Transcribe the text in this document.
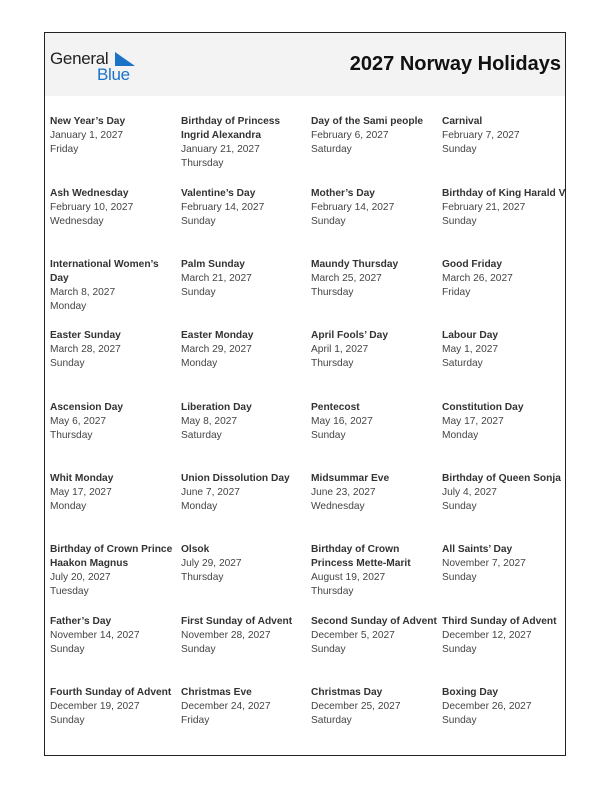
General
Blue	2027 Norway Holidays
New Year’s Day
January 1, 2027
Friday
Birthday of Princess Ingrid Alexandra
January 21, 2027
Thursday
Day of the Sami people
February 6, 2027
Saturday
Carnival
February 7, 2027
Sunday
Ash Wednesday
February 10, 2027
Wednesday
Valentine’s Day
February 14, 2027
Sunday
Mother’s Day
February 14, 2027
Sunday
Birthday of King Harald V
February 21, 2027
Sunday
International Women’s Day
March 8, 2027
Monday
Palm Sunday
March 21, 2027
Sunday
Maundy Thursday
March 25, 2027
Thursday
Good Friday
March 26, 2027
Friday
Easter Sunday
March 28, 2027
Sunday
Easter Monday
March 29, 2027
Monday
April Fools’ Day
April 1, 2027
Thursday
Labour Day
May 1, 2027
Saturday
Ascension Day
May 6, 2027
Thursday
Liberation Day
May 8, 2027
Saturday
Pentecost
May 16, 2027
Sunday
Constitution Day
May 17, 2027
Monday
Whit Monday
May 17, 2027
Monday
Union Dissolution Day
June 7, 2027
Monday
Midsummar Eve
June 23, 2027
Wednesday
Birthday of Queen Sonja
July 4, 2027
Sunday
Birthday of Crown Prince Haakon Magnus
July 20, 2027
Tuesday
Olsok
July 29, 2027
Thursday
Birthday of Crown Princess Mette-Marit
August 19, 2027
Thursday
All Saints’ Day
November 7, 2027
Sunday
Father’s Day
November 14, 2027
Sunday
First Sunday of Advent
November 28, 2027
Sunday
Second Sunday of Advent
December 5, 2027
Sunday
Third Sunday of Advent
December 12, 2027
Sunday
Fourth Sunday of Advent
December 19, 2027
Sunday
Christmas Eve
December 24, 2027
Friday
Christmas Day
December 25, 2027
Saturday
Boxing Day
December 26, 2027
Sunday
